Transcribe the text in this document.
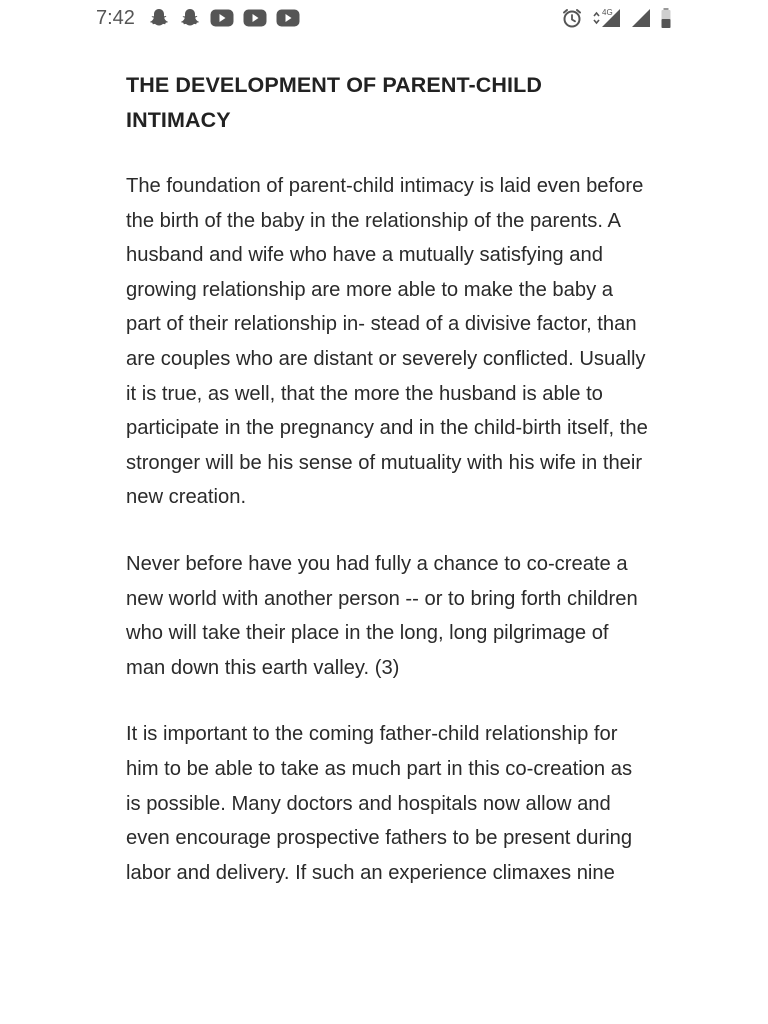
7:42	4G
THE DEVELOPMENT OF PARENT-CHILD INTIMACY

The foundation of parent-child intimacy is laid even before the birth of the baby in the relationship of the parents. A husband and wife who have a mutually satisfying and growing relationship are more able to make the baby a part of their relationship in- stead of a divisive factor, than are couples who are distant or severely conflicted. Usually it is true, as well, that the more the husband is able to participate in the pregnancy and in the child-birth itself, the stronger will be his sense of mutuality with his wife in their new creation.

Never before have you had fully a chance to co-create a new world with another person -- or to bring forth children who will take their place in the long, long pilgrimage of man down this earth valley. (3)

It is important to the coming father-child relationship for him to be able to take as much part in this co-creation as is possible. Many doctors and hospitals now allow and even encourage prospective fathers to be present during labor and delivery. If such an experience climaxes nine
